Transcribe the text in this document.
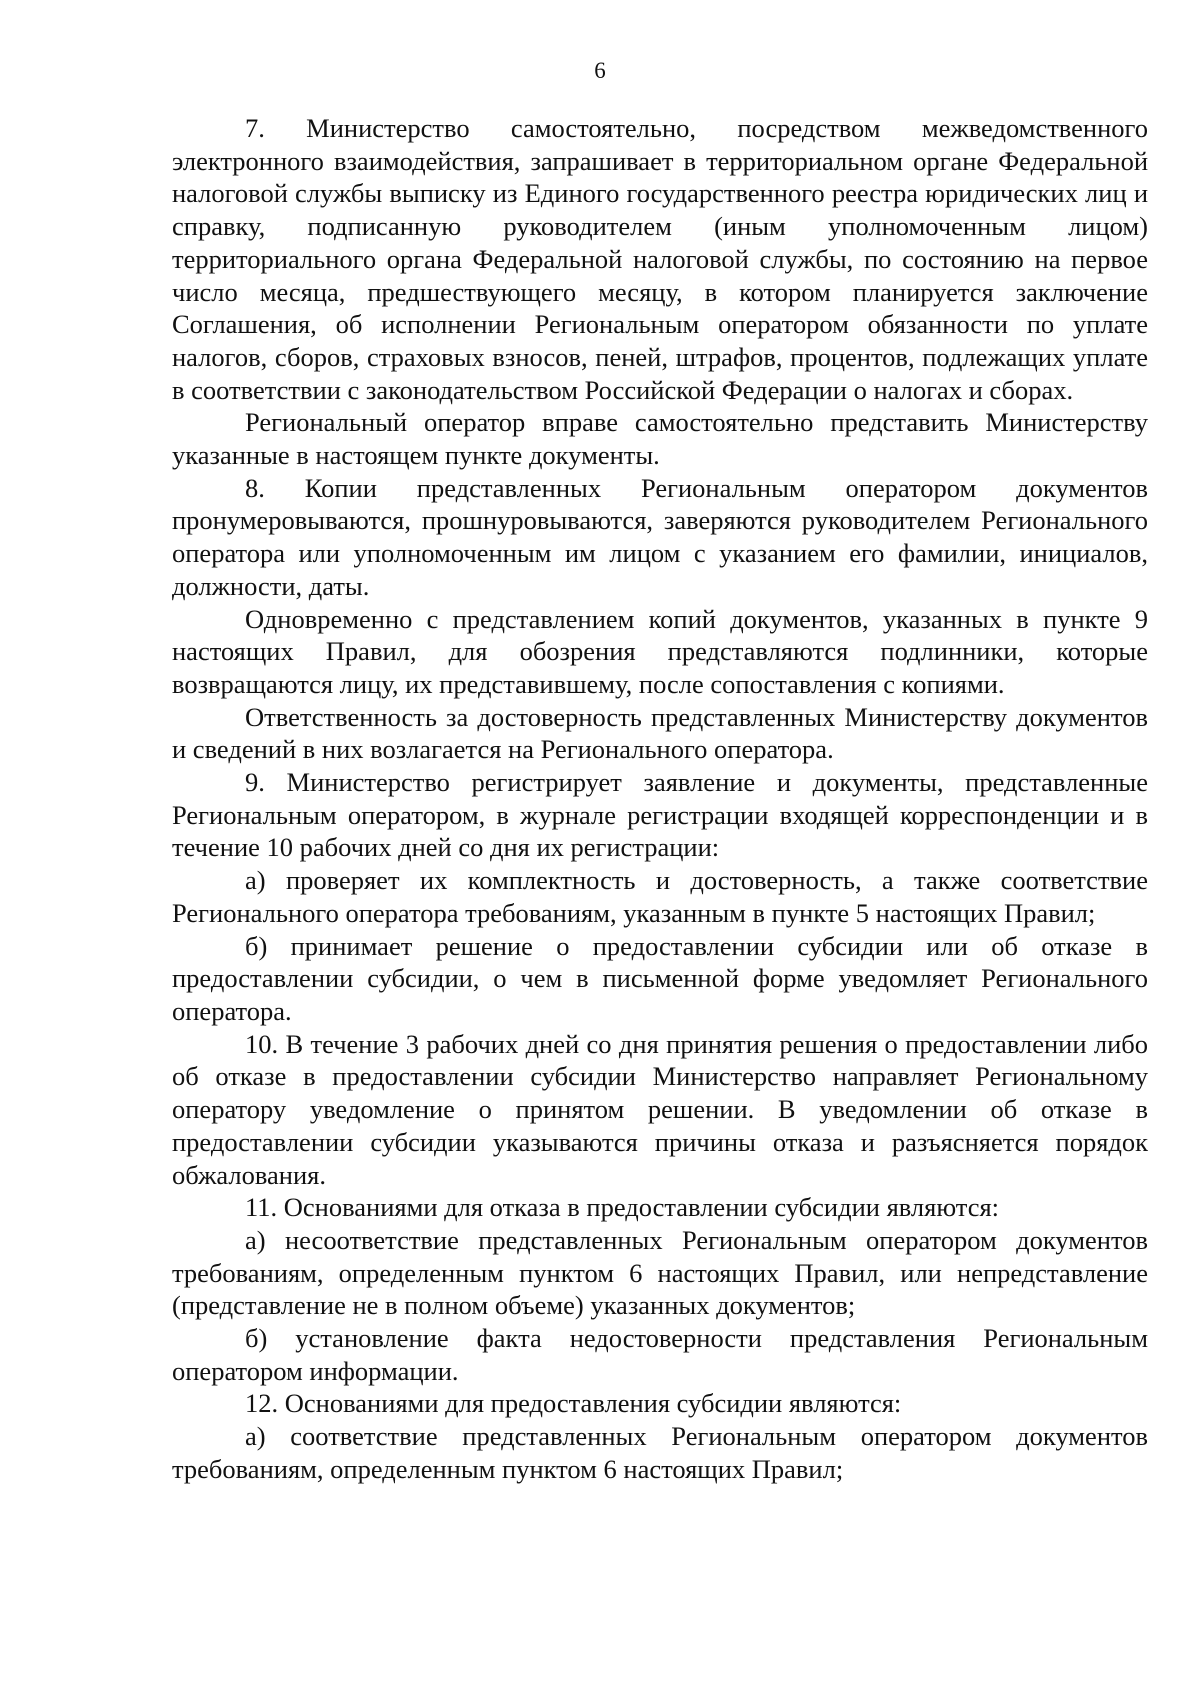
6

7. Министерство самостоятельно, посредством межведомственного электронного взаимодействия, запрашивает в территориальном органе Федеральной налоговой службы выписку из Единого государственного реестра юридических лиц и справку, подписанную руководителем (иным уполномоченным лицом) территориального органа Федеральной налоговой службы, по состоянию на первое число месяца, предшествующего месяцу, в котором планируется заключение Соглашения, об исполнении Региональным оператором обязанности по уплате налогов, сборов, страховых взносов, пеней, штрафов, процентов, подлежащих уплате в соответствии с законодательством Российской Федерации о налогах и сборах.

Региональный оператор вправе самостоятельно представить Министерству указанные в настоящем пункте документы.

8. Копии представленных Региональным оператором документов пронумеровываются, прошнуровываются, заверяются руководителем Регионального оператора или уполномоченным им лицом с указанием его фамилии, инициалов, должности, даты.

Одновременно с представлением копий документов, указанных в пункте 9 настоящих Правил, для обозрения представляются подлинники, которые возвращаются лицу, их представившему, после сопоставления с копиями.

Ответственность за достоверность представленных Министерству документов и сведений в них возлагается на Регионального оператора.

9. Министерство регистрирует заявление и документы, представленные Региональным оператором, в журнале регистрации входящей корреспонденции и в течение 10 рабочих дней со дня их регистрации:

а) проверяет их комплектность и достоверность, а также соответствие Регионального оператора требованиям, указанным в пункте 5 настоящих Правил;

б) принимает решение о предоставлении субсидии или об отказе в предоставлении субсидии, о чем в письменной форме уведомляет Регионального оператора.

10. В течение 3 рабочих дней со дня принятия решения о предоставлении либо об отказе в предоставлении субсидии Министерство направляет Региональному оператору уведомление о принятом решении. В уведомлении об отказе в предоставлении субсидии указываются причины отказа и разъясняется порядок обжалования.

11. Основаниями для отказа в предоставлении субсидии являются:

а) несоответствие представленных Региональным оператором документов требованиям, определенным пунктом 6 настоящих Правил, или непредставление (представление не в полном объеме) указанных документов;

б) установление факта недостоверности представления Региональным оператором информации.

12. Основаниями для предоставления субсидии являются:

а) соответствие представленных Региональным оператором документов требованиям, определенным пунктом 6 настоящих Правил;
